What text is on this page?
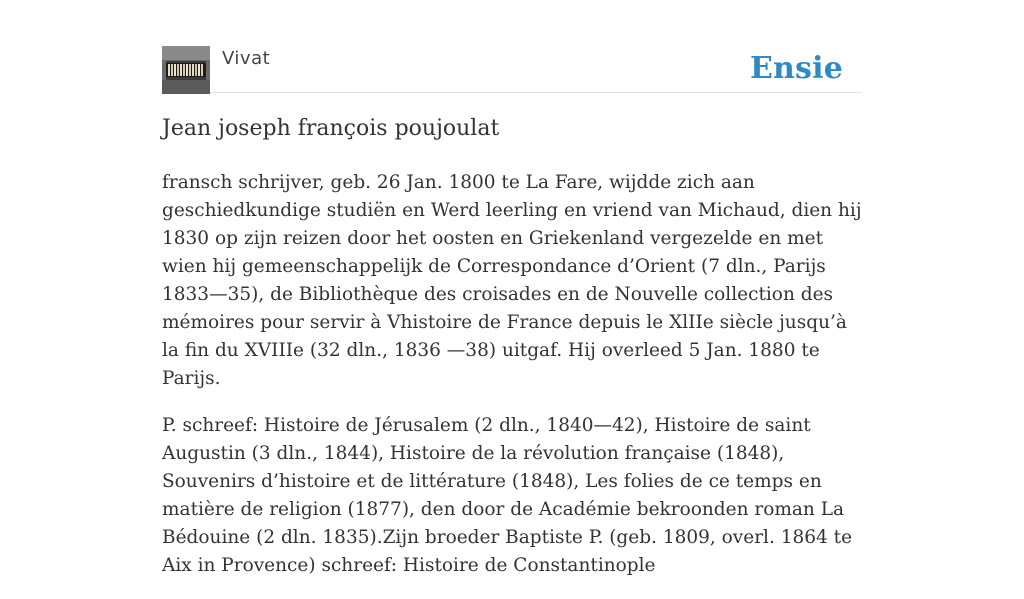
Vivat	Ensie
Jean joseph françois poujoulat

fransch schrijver, geb. 26 Jan. 1800 te La Fare, wijdde zich aan geschiedkundige studiën en Werd leerling en vriend van Michaud, dien hij 1830 op zijn reizen door het oosten en Griekenland vergezelde en met wien hij gemeenschappelijk de Correspondance d’Orient (7 dln., Parijs 1833—35), de Bibliothèque des croisades en de Nouvelle collection des mémoires pour servir à Vhistoire de France depuis le XlIIe siècle jusqu’à la fin du XVIIIe (32 dln., 1836 —38) uitgaf. Hij overleed 5 Jan. 1880 te Parijs.

P. schreef: Histoire de Jérusalem (2 dln., 1840—42), Histoire de saint Augustin (3 dln., 1844), Histoire de la révolution française (1848), Souvenirs d’histoire et de littérature (1848), Les folies de ce temps en matière de religion (1877), den door de Académie bekroonden roman La Bédouine (2 dln. 1835).Zijn broeder Baptiste P. (geb. 1809, overl. 1864 te Aix in Provence) schreef: Histoire de Constantinople
